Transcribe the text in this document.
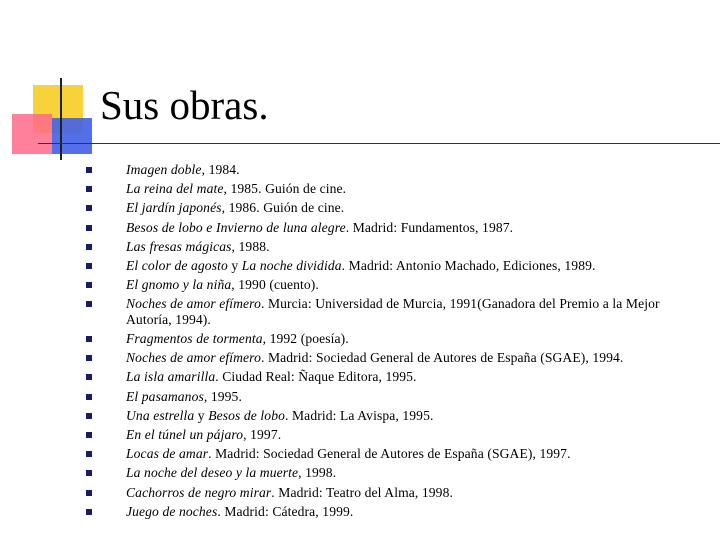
Sus obras.
Imagen doble, 1984.
La reina del mate, 1985. Guión de cine.
El jardín japonés, 1986. Guión de cine.
Besos de lobo e Invierno de luna alegre. Madrid: Fundamentos, 1987.
Las fresas mágicas, 1988.
El color de agosto y La noche dividida. Madrid: Antonio Machado, Ediciones, 1989.
El gnomo y la niña, 1990 (cuento).
Noches de amor efímero. Murcia: Universidad de Murcia, 1991(Ganadora del Premio a la Mejor Autoría, 1994).
Fragmentos de tormenta, 1992 (poesía).
Noches de amor efímero. Madrid: Sociedad General de Autores de España (SGAE), 1994.
La isla amarilla. Ciudad Real: Ñaque Editora, 1995.
El pasamanos, 1995.
Una estrella y Besos de lobo. Madrid: La Avispa, 1995.
En el túnel un pájaro, 1997.
Locas de amar. Madrid: Sociedad General de Autores de España (SGAE), 1997.
La noche del deseo y la muerte, 1998.
Cachorros de negro mirar. Madrid: Teatro del Alma, 1998.
Juego de noches. Madrid: Cátedra, 1999.
